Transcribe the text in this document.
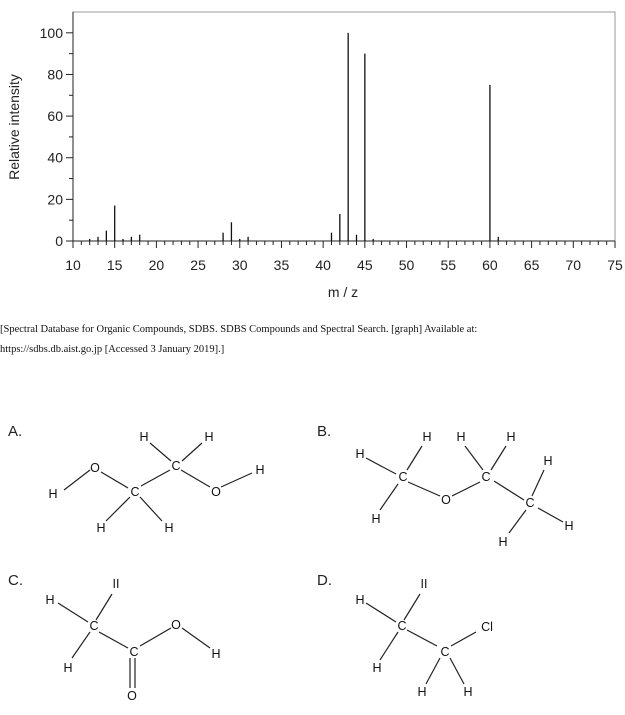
0
20
40
60
80
100
10 15 20 25 30 35 40 45 50 55 60 65 70 75
m / z
Relative intensity
[Spectral Database for Organic Compounds, SDBS. SDBS Compounds and Spectral Search. [graph] Available at:
https://sdbs.db.aist.go.jp [Accessed 3 January 2019].]
A.	B.
C.	D.
H
O
C
C
H	H
H	H
O
H
H
H
C
H
O
C
H	H
C
H
H
H
H
II
C
H
C
O
O
H
H
II
C
H
C
Cl
H	H
